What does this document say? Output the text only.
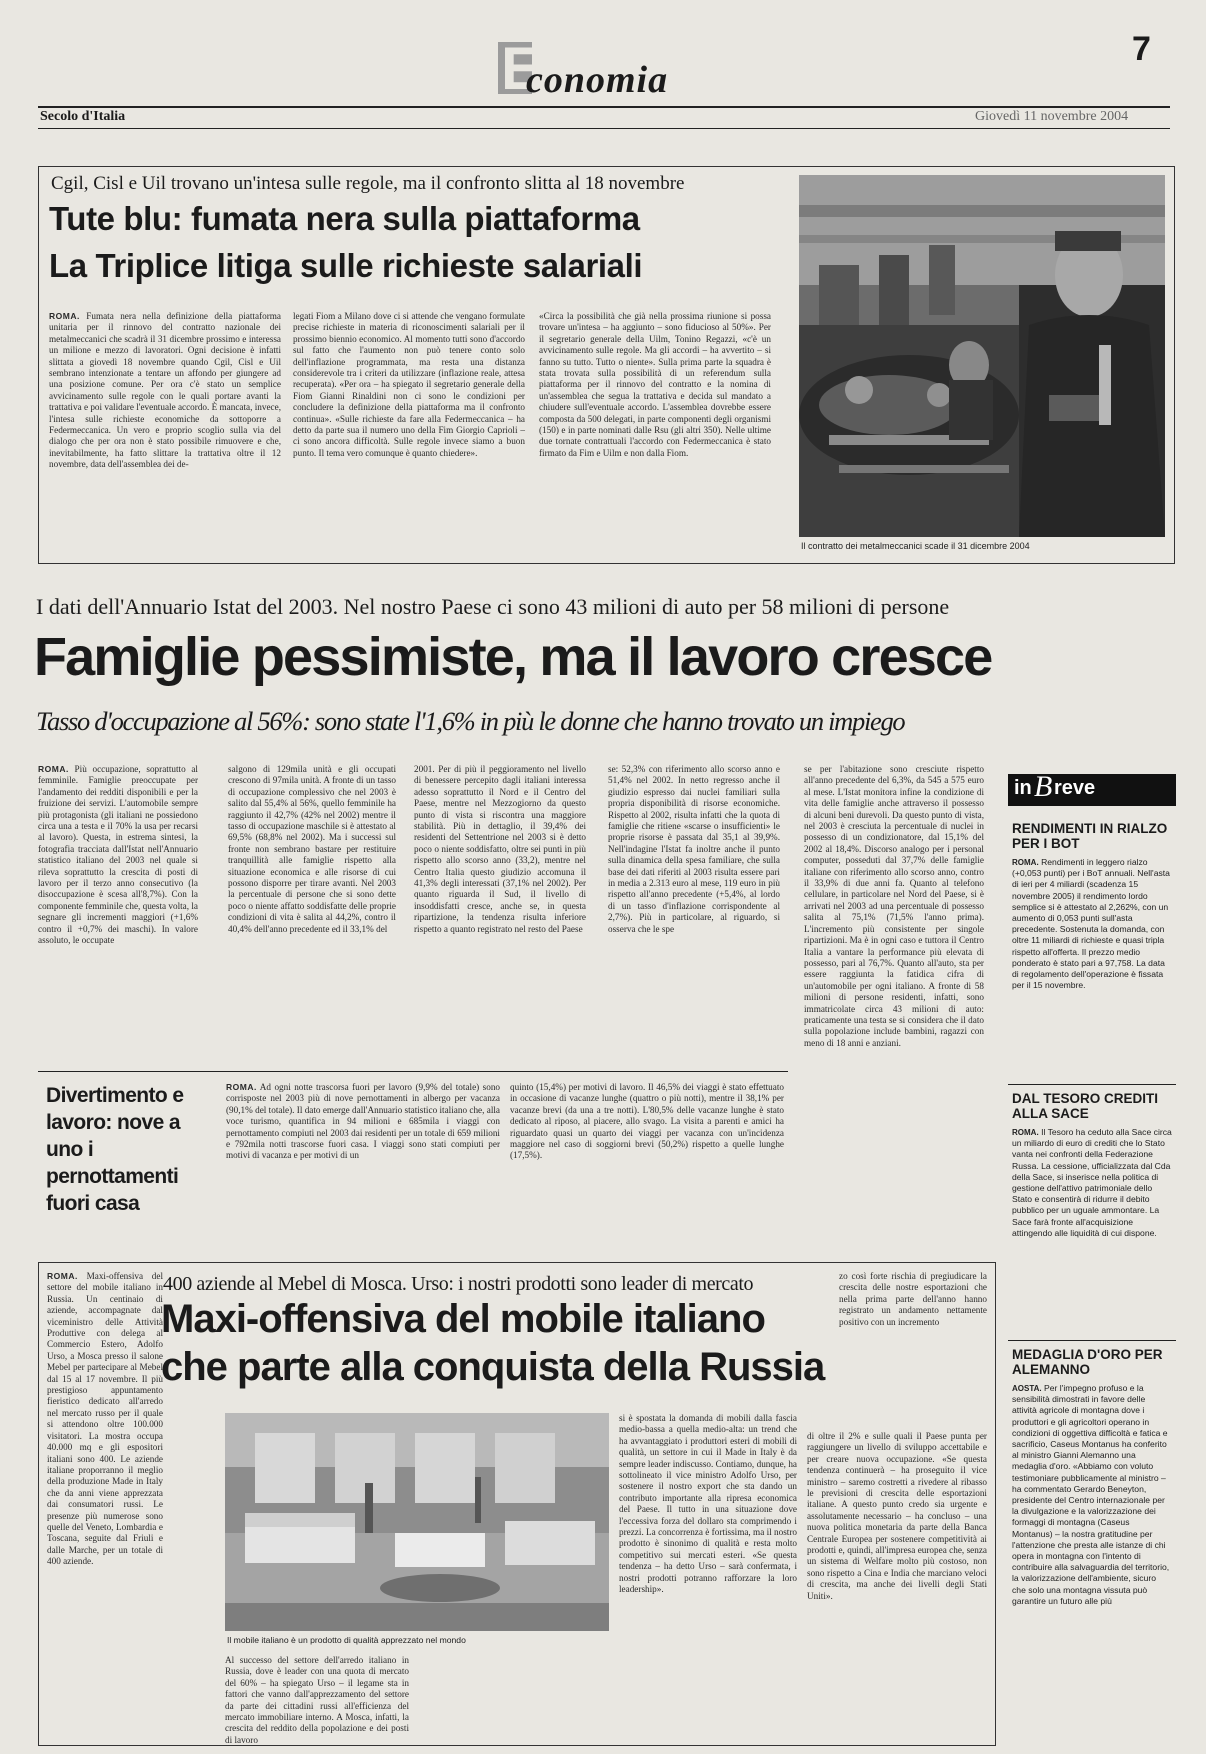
E
conomia
7
Secolo d'Italia	Giovedì 11 novembre 2004
Cgil, Cisl e Uil trovano un'intesa sulle regole, ma il confronto slitta al 18 novembre
Tute blu: fumata nera sulla piattaforma
La Triplice litiga sulle richieste salariali
ROMA. Fumata nera nella definizione della piattaforma unitaria per il rinnovo del contratto nazionale dei metalmeccanici che scadrà il 31 dicembre prossimo e interessa un milione e mezzo di lavoratori. Ogni decisione è infatti slittata a giovedì 18 novembre quando Cgil, Cisl e Uil sembrano intenzionate a tentare un affondo per giungere ad una posizione comune. Per ora c'è stato un semplice avvicinamento sulle regole con le quali portare avanti la trattativa e poi validare l'eventuale accordo. È mancata, invece, l'intesa sulle richieste economiche da sottoporre a Federmeccanica. Un vero e proprio scoglio sulla via del dialogo che per ora non è stato possibile rimuovere e che, inevitabilmente, ha fatto slittare la trattativa oltre il 12 novembre, data dell'assemblea dei de-
legati Fiom a Milano dove ci si attende che vengano formulate precise richieste in materia di riconoscimenti salariali per il prossimo biennio economico. Al momento tutti sono d'accordo sul fatto che l'aumento non può tenere conto solo dell'inflazione programmata, ma resta una distanza considerevole tra i criteri da utilizzare (inflazione reale, attesa recuperata). «Per ora – ha spiegato il segretario generale della Fiom Gianni Rinaldini non ci sono le condizioni per concludere la definizione della piattaforma ma il confronto continua». «Sulle richieste da fare alla Federmeccanica – ha detto da parte sua il numero uno della Fim Giorgio Caprioli – ci sono ancora difficoltà. Sulle regole invece siamo a buon punto. Il tema vero comunque è quanto chiedere».
«Circa la possibilità che già nella prossima riunione si possa trovare un'intesa – ha aggiunto – sono fiducioso al 50%». Per il segretario generale della Uilm, Tonino Regazzi, «c'è un avvicinamento sulle regole. Ma gli accordi – ha avvertito – si fanno su tutto. Tutto o niente». Sulla prima parte la squadra è stata trovata sulla possibilità di un referendum sulla piattaforma per il rinnovo del contratto e la nomina di un'assemblea che segua la trattativa e decida sul mandato a chiudere sull'eventuale accordo. L'assemblea dovrebbe essere composta da 500 delegati, in parte componenti degli organismi (150) e in parte nominati dalle Rsu (gli altri 350). Nelle ultime due tornate contrattuali l'accordo con Federmeccanica è stato firmato da Fim e Uilm e non dalla Fiom.
Il contratto dei metalmeccanici scade il 31 dicembre 2004
I dati dell'Annuario Istat del 2003. Nel nostro Paese ci sono 43 milioni di auto per 58 milioni di persone
Famiglie pessimiste, ma il lavoro cresce
Tasso d'occupazione al 56%: sono state l'1,6% in più le donne che hanno trovato un impiego
ROMA. Più occupazione, soprattutto al femminile. Famiglie preoccupate per l'andamento dei redditi disponibili e per la fruizione dei servizi. L'automobile sempre più protagonista (gli italiani ne possiedono circa una a testa e il 70% la usa per recarsi al lavoro). Questa, in estrema sintesi, la fotografia tracciata dall'Istat nell'Annuario statistico italiano del 2003 nel quale si rileva soprattutto la crescita di posti di lavoro per il terzo anno consecutivo (la disoccupazione è scesa all'8,7%). Con la componente femminile che, questa volta, la segnare gli incrementi maggiori (+1,6% contro il +0,7% dei maschi). In valore assoluto, le occupate
salgono di 129mila unità e gli occupati crescono di 97mila unità. A fronte di un tasso di occupazione complessivo che nel 2003 è salito dal 55,4% al 56%, quello femminile ha raggiunto il 42,7% (42% nel 2002) mentre il tasso di occupazione maschile si è attestato al 69,5% (68,8% nel 2002). Ma i successi sul fronte non sembrano bastare per restituire tranquillità alle famiglie rispetto alla situazione economica e alle risorse di cui possono disporre per tirare avanti. Nel 2003 la percentuale di persone che si sono dette poco o niente affatto soddisfatte delle proprie condizioni di vita è salita al 44,2%, contro il 40,4% dell'anno precedente ed il 33,1% del
2001. Per di più il peggioramento nel livello di benessere percepito dagli italiani interessa adesso soprattutto il Nord e il Centro del Paese, mentre nel Mezzogiorno da questo punto di vista si riscontra una maggiore stabilità. Più in dettaglio, il 39,4% dei residenti del Settentrione nel 2003 si è detto poco o niente soddisfatto, oltre sei punti in più rispetto allo scorso anno (33,2), mentre nel Centro Italia questo giudizio accomuna il 41,3% degli interessati (37,1% nel 2002). Per quanto riguarda il Sud, il livello di insoddisfatti cresce, anche se, in questa ripartizione, la tendenza risulta inferiore rispetto a quanto registrato nel resto del Paese
se: 52,3% con riferimento allo scorso anno e 51,4% nel 2002. In netto regresso anche il giudizio espresso dai nuclei familiari sulla propria disponibilità di risorse economiche. Rispetto al 2002, risulta infatti che la quota di famiglie che ritiene «scarse o insufficienti» le proprie risorse è passata dal 35,1 al 39,9%. Nell'indagine l'Istat fa inoltre anche il punto sulla dinamica della spesa familiare, che sulla base dei dati riferiti al 2003 risulta essere pari in media a 2.313 euro al mese, 119 euro in più rispetto all'anno precedente (+5,4%, al lordo di un tasso d'inflazione corrispondente al 2,7%). Più in particolare, al riguardo, si osserva che le spe
se per l'abitazione sono cresciute rispetto all'anno precedente del 6,3%, da 545 a 575 euro al mese. L'Istat monitora infine la condizione di vita delle famiglie anche attraverso il possesso di alcuni beni durevoli. Da questo punto di vista, nel 2003 è cresciuta la percentuale di nuclei in possesso di un condizionatore, dal 15,1% del 2002 al 18,4%. Discorso analogo per i personal computer, posseduti dal 37,7% delle famiglie italiane con riferimento allo scorso anno, contro il 33,9% di due anni fa. Quanto al telefono cellulare, in particolare nel Nord del Paese, si è arrivati nel 2003 ad una percentuale di possesso salita al 75,1% (71,5% l'anno prima). L'incremento più consistente per singole ripartizioni. Ma è in ogni caso e tuttora il Centro Italia a vantare la performance più elevata di possesso, pari al 76,7%. Quanto all'auto, sta per essere raggiunta la fatidica cifra di un'automobile per ogni italiano. A fronte di 58 milioni di persone residenti, infatti, sono immatricolate circa 43 milioni di auto: praticamente una testa se si considera che il dato sulla popolazione include bambini, ragazzi con meno di 18 anni e anziani.
Divertimento e lavoro: nove a uno i pernottamenti fuori casa
ROMA. Ad ogni notte trascorsa fuori per lavoro (9,9% del totale) sono corrisposte nel 2003 più di nove pernottamenti in albergo per vacanza (90,1% del totale). Il dato emerge dall'Annuario statistico italiano che, alla voce turismo, quantifica in 94 milioni e 685mila i viaggi con pernottamento compiuti nel 2003 dai residenti per un totale di 659 milioni e 792mila notti trascorse fuori casa. I viaggi sono stati compiuti per motivi di vacanza e per motivi di un
quinto (15,4%) per motivi di lavoro. Il 46,5% dei viaggi è stato effettuato in occasione di vacanze lunghe (quattro o più notti), mentre il 38,1% per vacanze brevi (da una a tre notti). L'80,5% delle vacanze lunghe è stato dedicato al riposo, al piacere, allo svago. La visita a parenti e amici ha riguardato quasi un quarto dei viaggi per vacanza con un'incidenza maggiore nel caso di soggiorni brevi (50,2%) rispetto a quelle lunghe (17,5%).
ROMA. Maxi-offensiva del settore del mobile italiano in Russia. Un centinaio di aziende, accompagnate dal viceministro delle Attività Produttive con delega al Commercio Estero, Adolfo Urso, a Mosca presso il salone Mebel per partecipare al Mebel dal 15 al 17 novembre. Il più prestigioso appuntamento fieristico dedicato all'arredo nel mercato russo per il quale si attendono oltre 100.000 visitatori. La mostra occupa 40.000 mq e gli espositori italiani sono 400. Le aziende italiane proporranno il meglio della produzione Made in Italy che da anni viene apprezzata dai consumatori russi. Le presenze più numerose sono quelle del Veneto, Lombardia e Toscana, seguite dal Friuli e dalle Marche, per un totale di 400 aziende.
400 aziende al Mebel di Mosca. Urso: i nostri prodotti sono leader di mercato
Maxi-offensiva del mobile italiano
che parte alla conquista della Russia
zo così forte rischia di pregiudicare la crescita delle nostre esportazioni che nella prima parte dell'anno hanno registrato un andamento nettamente positivo con un incremento
Il mobile italiano è un prodotto di qualità apprezzato nel mondo
Al successo del settore dell'arredo italiano in Russia, dove è leader con una quota di mercato del 60% – ha spiegato Urso – il legame sta in fattori che vanno dall'apprezzamento del settore da parte dei cittadini russi all'efficienza del mercato immobiliare interno. A Mosca, infatti, la crescita del reddito della popolazione e dei posti di lavoro
si è spostata la domanda di mobili dalla fascia medio-bassa a quella medio-alta: un trend che ha avvantaggiato i produttori esteri di mobili di qualità, un settore in cui il Made in Italy è da sempre leader indiscusso. Contiamo, dunque, ha sottolineato il vice ministro Adolfo Urso, per sostenere il nostro export che sta dando un contributo importante alla ripresa economica del Paese. Il tutto in una situazione dove l'eccessiva forza del dollaro sta comprimendo i prezzi. La concorrenza è fortissima, ma il nostro prodotto è sinonimo di qualità e resta molto competitivo sui mercati esteri. «Se questa tendenza – ha detto Urso – sarà confermata, i nostri prodotti potranno rafforzare la loro leadership».
di oltre il 2% e sulle quali il Paese punta per raggiungere un livello di sviluppo accettabile e per creare nuova occupazione. «Se questa tendenza continuerà – ha proseguito il vice ministro – saremo costretti a rivedere al ribasso le previsioni di crescita delle esportazioni italiane. A questo punto credo sia urgente e assolutamente necessario – ha concluso – una nuova politica monetaria da parte della Banca Centrale Europea per sostenere competitività ai prodotti e, quindi, all'impresa europea che, senza un sistema di Welfare molto più costoso, non sono rispetto a Cina e India che marciano veloci di crescita, ma anche dei livelli degli Stati Uniti».
in B reve
RENDIMENTI IN RIALZO PER I BOT
ROMA. Rendimenti in leggero rialzo (+0,053 punti) per i BoT annuali. Nell'asta di ieri per 4 miliardi (scadenza 15 novembre 2005) il rendimento lordo semplice si è attestato al 2,262%, con un aumento di 0,053 punti sull'asta precedente. Sostenuta la domanda, con oltre 11 miliardi di richieste e quasi tripla rispetto all'offerta. Il prezzo medio ponderato è stato pari a 97,758. La data di regolamento dell'operazione è fissata per il 15 novembre.
DAL TESORO CREDITI ALLA SACE
ROMA. Il Tesoro ha ceduto alla Sace circa un miliardo di euro di crediti che lo Stato vanta nei confronti della Federazione Russa. La cessione, ufficializzata dal Cda della Sace, si inserisce nella politica di gestione dell'attivo patrimoniale dello Stato e consentirà di ridurre il debito pubblico per un uguale ammontare. La Sace farà fronte all'acquisizione attingendo alle liquidità di cui dispone.
MEDAGLIA D'ORO PER ALEMANNO
AOSTA. Per l'impegno profuso e la sensibilità dimostrati in favore delle attività agricole di montagna dove i produttori e gli agricoltori operano in condizioni di oggettiva difficoltà e fatica e sacrificio, Caseus Montanus ha conferito al ministro Gianni Alemanno una medaglia d'oro. «Abbiamo con voluto testimoniare pubblicamente al ministro – ha commentato Gerardo Beneyton, presidente del Centro internazionale per la divulgazione e la valorizzazione dei formaggi di montagna (Caseus Montanus) – la nostra gratitudine per l'attenzione che presta alle istanze di chi opera in montagna con l'intento di contribuire alla salvaguardia del territorio, la valorizzazione dell'ambiente, sicuro che solo una montagna vissuta può garantire un futuro alle più
